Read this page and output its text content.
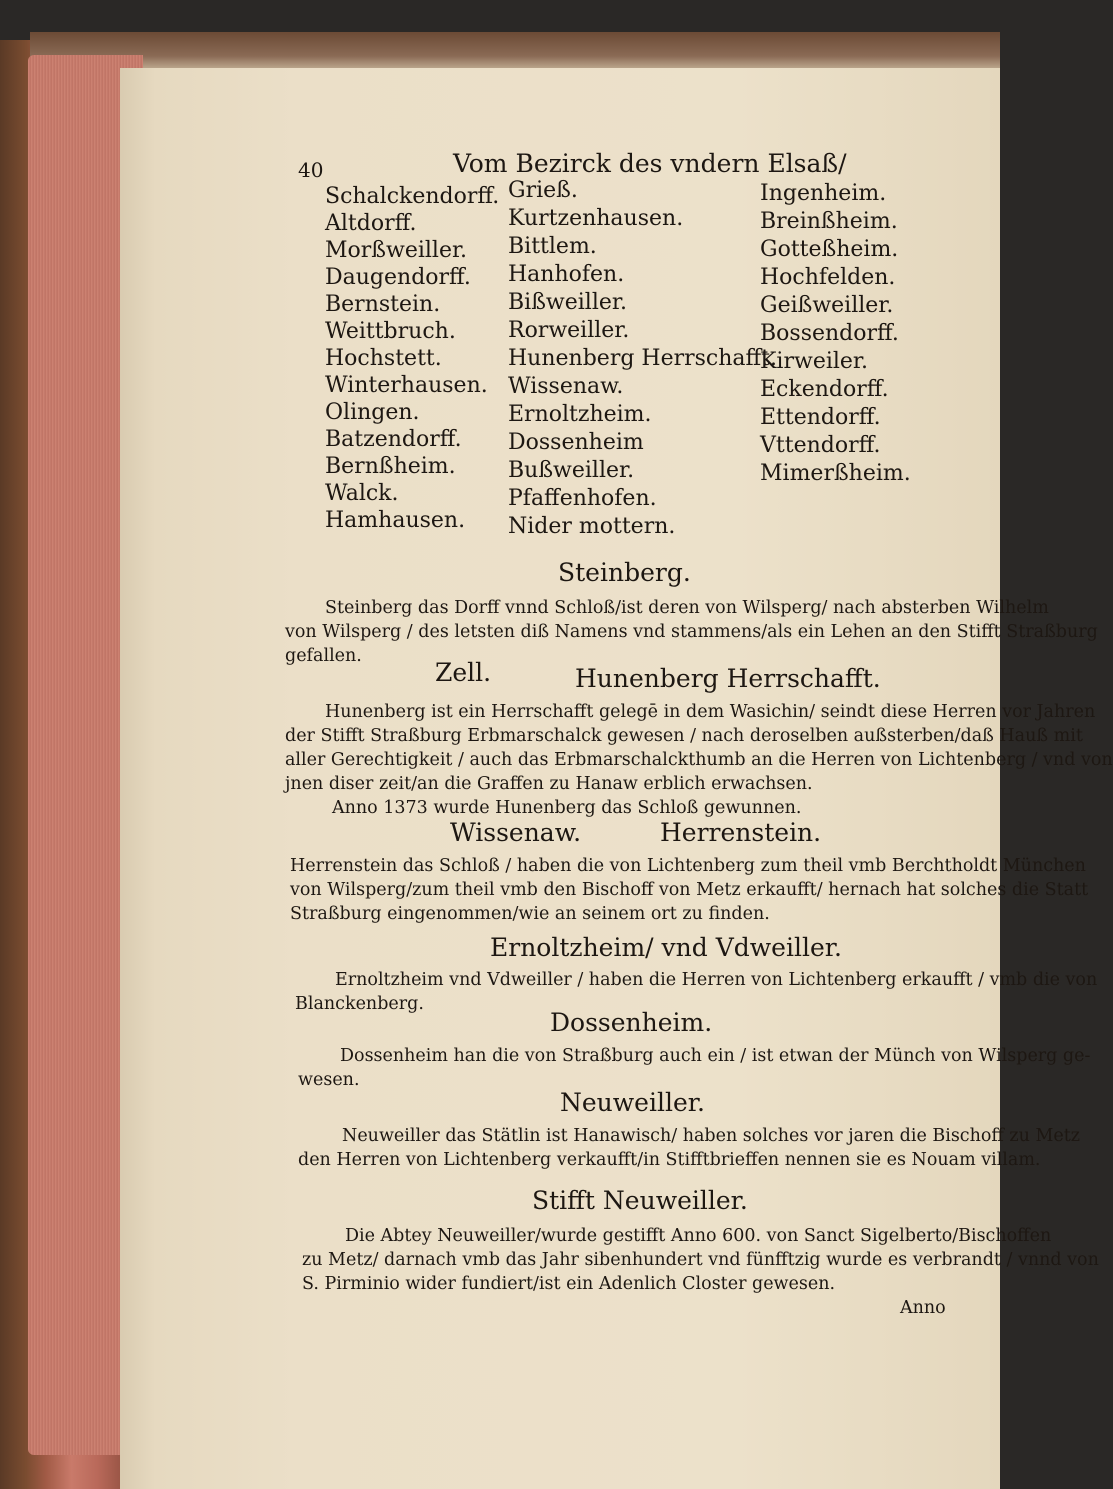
40	Vom Bezirck des vndern Elsaß/
Schalckendorff.
Altdorff.
Morßweiller.
Daugendorff.
Bernstein.
Weittbruch.
Hochstett.
Winterhausen.
Olingen.
Batzendorff.
Bernßheim.
Walck.
Hamhausen.
Grieß.
Kurtzenhausen.
Bittlem.
Hanhofen.
Bißweiller.
Rorweiller.
Hunenberg Herrschafft.
Wissenaw.
Ernoltzheim.
Dossenheim
Bußweiller.
Pfaffenhofen.
Nider mottern.
Ingenheim.
Breinßheim.
Gotteßheim.
Hochfelden.
Geißweiller.
Bossendorff.
Kirweiler.
Eckendorff.
Ettendorff.
Vttendorff.
Mimerßheim.
Steinberg.
Steinberg das Dorff vnnd Schloß/ist deren von Wilsperg/ nach absterben Wilhelm
von Wilsperg / des letsten diß Namens vnd stammens/als ein Lehen an den Stifft Straßburg
gefallen.
Zell.	Hunenberg Herrschafft.
Hunenberg ist ein Herrschafft gelegē in dem Wasichin/ seindt diese Herren vor Jahren
der Stifft Straßburg Erbmarschalck gewesen / nach deroselben außsterben/daß Hauß mit
aller Gerechtigkeit / auch das Erbmarschalckthumb an die Herren von Lichtenberg / vnd von
jnen diser zeit/an die Graffen zu Hanaw erblich erwachsen.
Anno 1373 wurde Hunenberg das Schloß gewunnen.
Wissenaw.	Herrenstein.
Herrenstein das Schloß / haben die von Lichtenberg zum theil vmb Berchtholdt München
von Wilsperg/zum theil vmb den Bischoff von Metz erkaufft/ hernach hat solches die Statt
Straßburg eingenommen/wie an seinem ort zu finden.
Ernoltzheim/ vnd Vdweiller.
Ernoltzheim vnd Vdweiller / haben die Herren von Lichtenberg erkaufft / vmb die von
Blanckenberg.
Dossenheim.
Dossenheim han die von Straßburg auch ein / ist etwan der Münch von Wilsperg ge-
wesen.
Neuweiller.
Neuweiller das Stätlin ist Hanawisch/ haben solches vor jaren die Bischoff zu Metz
den Herren von Lichtenberg verkaufft/in Stifftbrieffen nennen sie es Nouam villam.
Stifft Neuweiller.
Die Abtey Neuweiller/wurde gestifft Anno 600. von Sanct Sigelberto/Bischoffen
zu Metz/ darnach vmb das Jahr sibenhundert vnd fünfftzig wurde es verbrandt / vnnd von
S. Pirminio wider fundiert/ist ein Adenlich Closter gewesen.
Anno
